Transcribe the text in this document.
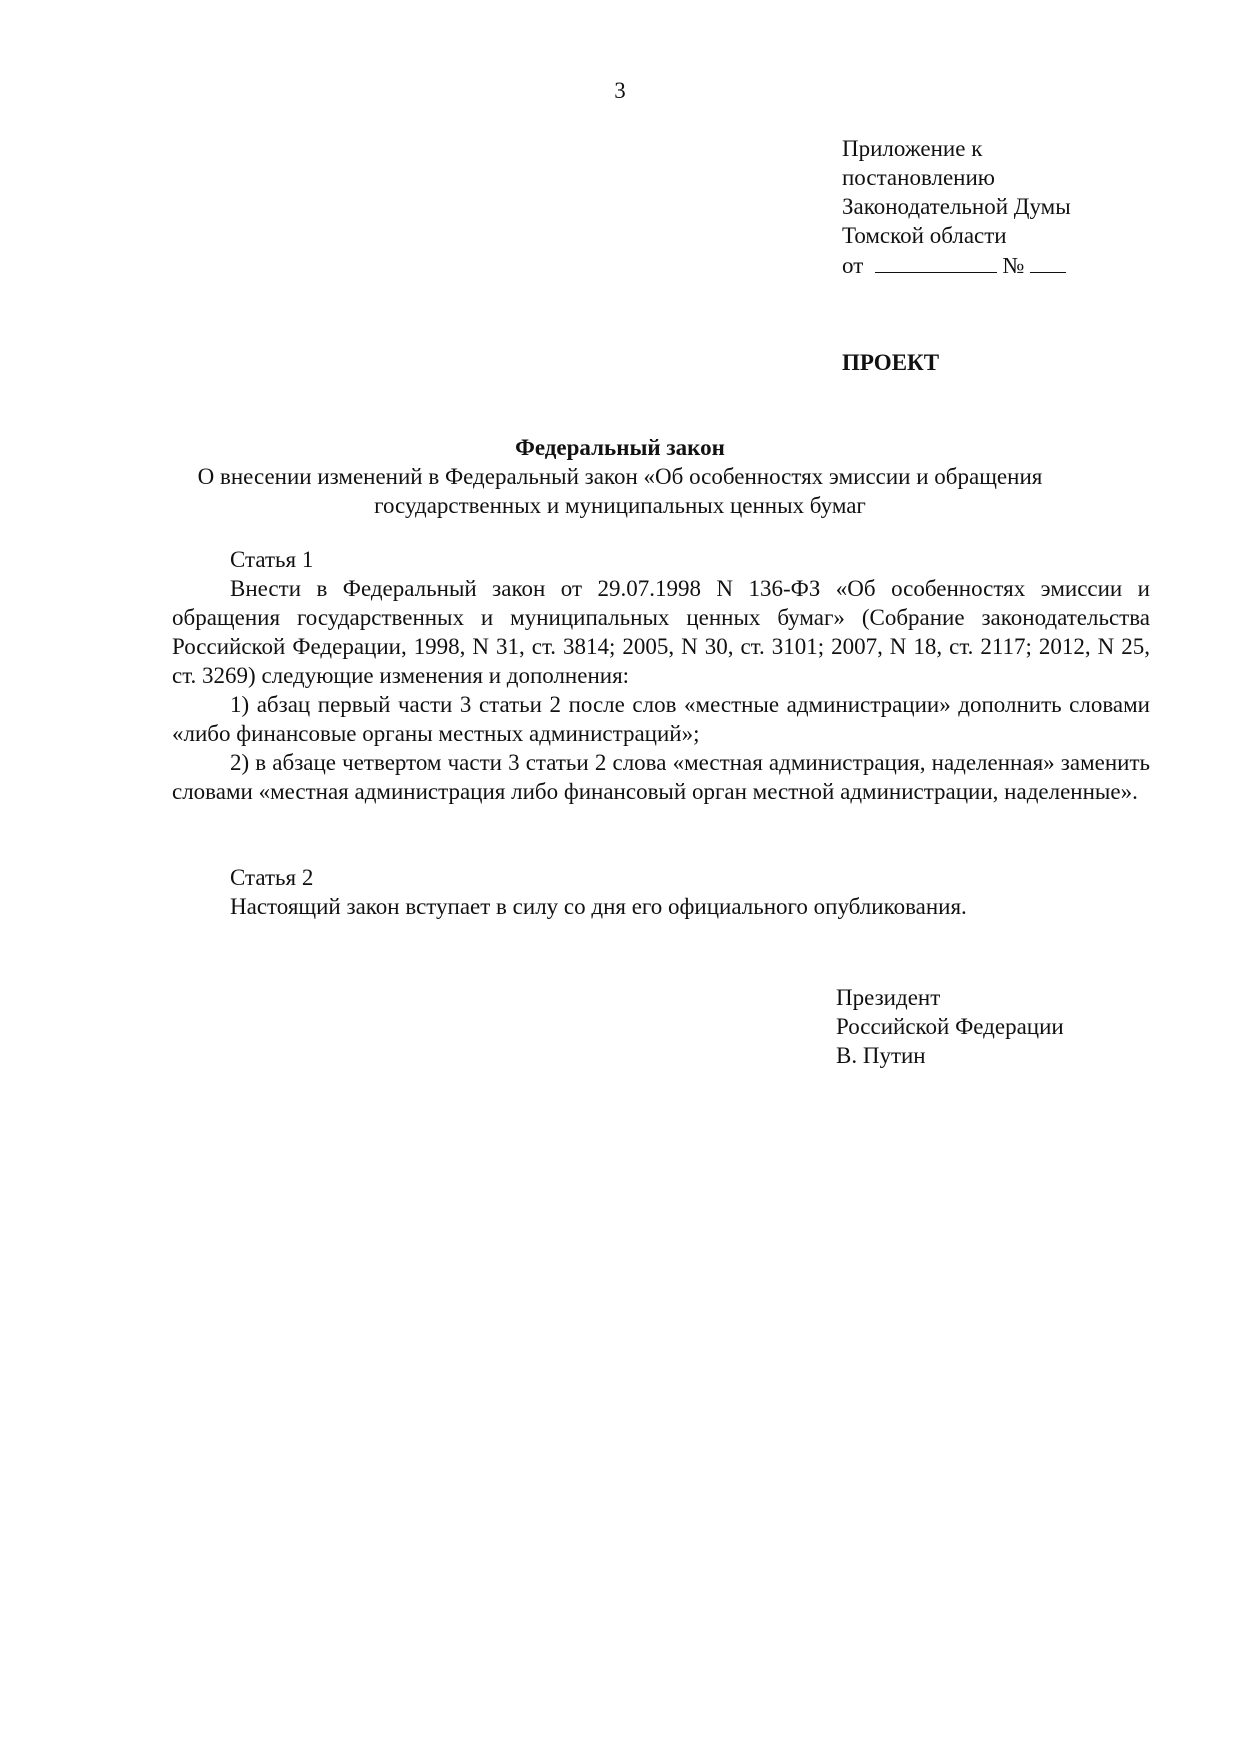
3
Приложение к
постановлению
Законодательной Думы
Томской области
от	№
ПРОЕКТ
Федеральный закон
О внесении изменений в Федеральный закон «Об особенностях эмиссии и обращения
государственных и муниципальных ценных бумаг
Статья 1

Внести в Федеральный закон от 29.07.1998 N 136-ФЗ «Об особенностях эмиссии и обращения государственных и муниципальных ценных бумаг» (Собрание законодательства Российской Федерации, 1998, N 31, ст. 3814; 2005, N 30, ст. 3101; 2007, N 18, ст. 2117; 2012, N 25, ст. 3269) следующие изменения и дополнения:

1) абзац первый части 3 статьи 2 после слов «местные администрации» дополнить словами «либо финансовые органы местных администраций»;

2) в абзаце четвертом части 3 статьи 2 слова «местная администрация, наделенная» заменить словами «местная администрация либо финансовый орган местной администрации, наделенные».

Статья 2
Настоящий закон вступает в силу со дня его официального опубликования.
Президент
Российской Федерации
В. Путин
